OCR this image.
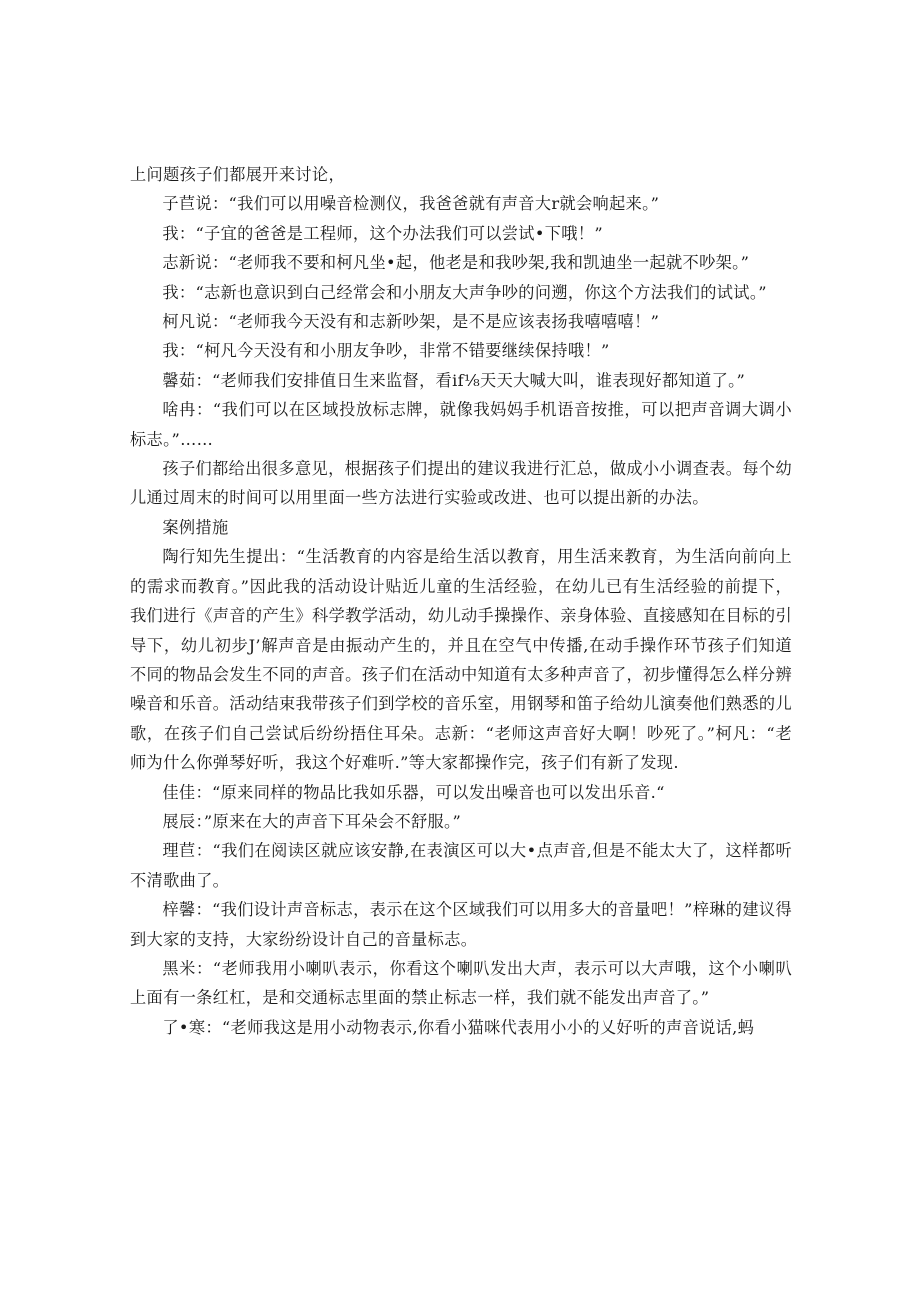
上问题孩子们都展开来讨论，

子苣说：“我们可以用噪音检测仪，我爸爸就有声音大r就会响起来。”

我：“子宜的爸爸是工程师，这个办法我们可以尝试•下哦！”

志新说：“老师我不要和柯凡坐•起，他老是和我吵架,我和凯迪坐一起就不吵架。”

我：“志新也意识到白己经常会和小朋友大声争吵的问遡，你这个方法我们的试试。”

柯凡说：“老师我今天没有和志新吵架，是不是应该表扬我嘻嘻嘻！”

我：“柯凡今天没有和小朋友争吵，非常不错要继续保持哦！”

馨茹：“老师我们安排值日生来监督，看if⅛天天大喊大叫，谁表现好都知道了。”

啥冉：“我们可以在区域投放标志牌，就像我妈妈手机语音按推，可以把声音调大调小标志。”……

孩子们都给出很多意见，根据孩子们提出的建议我进行汇总，做成小小调查表。每个幼儿通过周末的时间可以用里面一些方法进行实验或改进、也可以提出新的办法。

案例措施

陶行知先生提出：“生活教育的内容是给生活以教育，用生活来教育，为生活向前向上的需求而教育。”因此我的活动设计贴近儿童的生活经验，在幼儿已有生活经验的前提下，我们进行《声音的产生》科学教学活动，幼儿动手操操作、亲身体验、直接感知在目标的引导下，幼儿初步J’解声音是由振动产生的，并且在空气中传播,在动手操作环节孩子们知道不同的物品会发生不同的声音。孩子们在活动中知道有太多种声音了，初步懂得怎么样分辨噪音和乐音。活动结束我带孩子们到学校的音乐室，用钢琴和笛子给幼儿演奏他们熟悉的儿歌，在孩子们自己尝试后纷纷捂住耳朵。志新：“老师这声音好大啊！吵死了。”柯凡：“老师为什么你弹琴好听，我这个好难听.”等大家都操作完，孩子们有新了发现.

佳佳：“原来同样的物品比我如乐器，可以发出噪音也可以发出乐音.“

展辰：”原来在大的声音下耳朵会不舒服。”

理苣：“我们在阅读区就应该安静,在表演区可以大•点声音,但是不能太大了，这样都听不清歌曲了。

梓馨：“我们设计声音标志，表示在这个区域我们可以用多大的音量吧！”梓琳的建议得到大家的支持，大家纷纷设计自己的音量标志。

黑米：“老师我用小喇叭表示，你看这个喇叭发出大声，表示可以大声哦，这个小喇叭上面有一条红杠，是和交通标志里面的禁止标志一样，我们就不能发出声音了。”

了•寒：“老师我这是用小动物表示,你看小猫咪代表用小小的乂好听的声音说话,蚂
